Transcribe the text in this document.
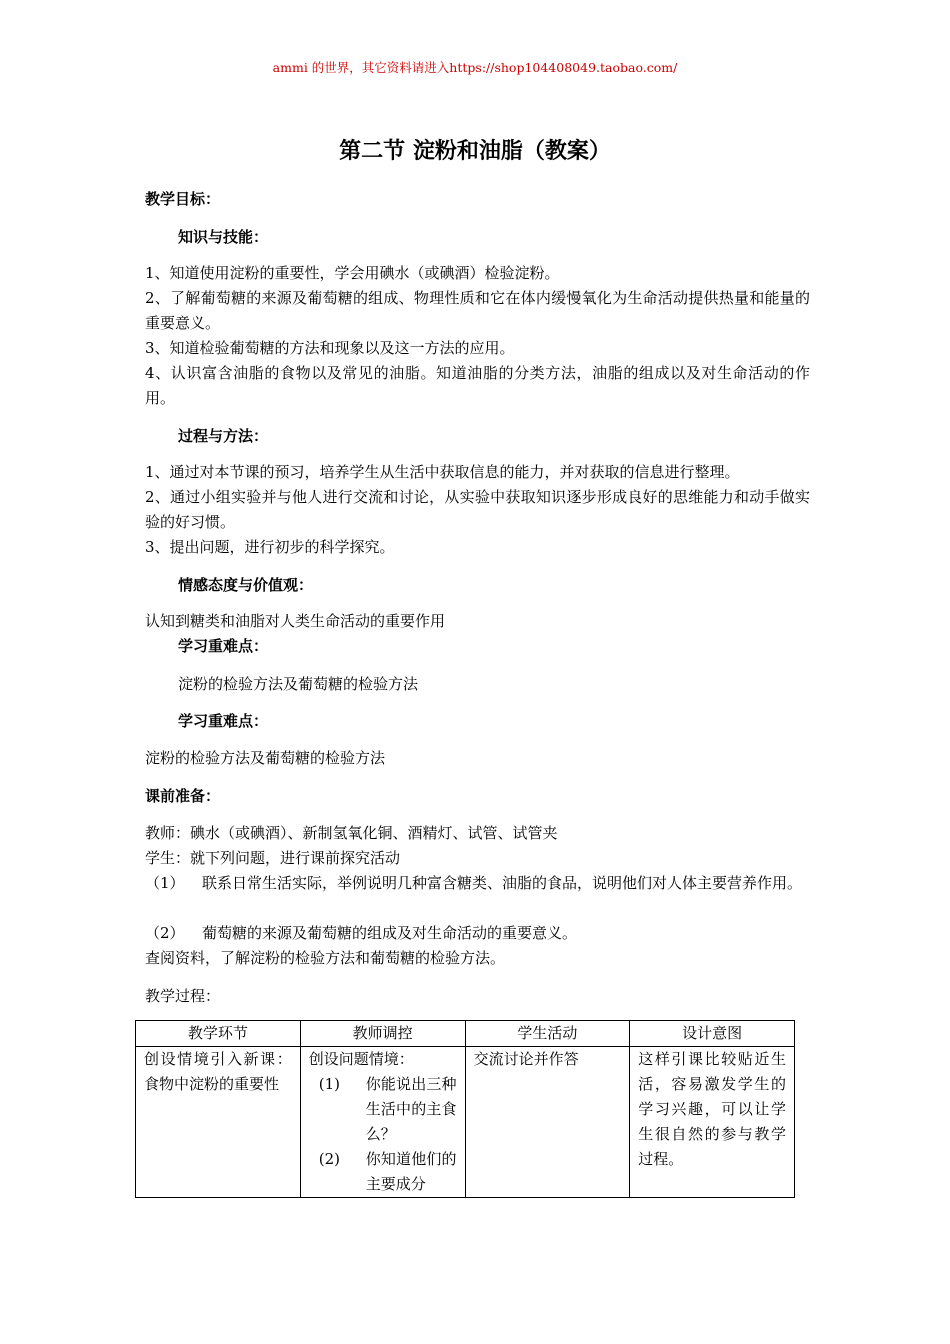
ammi 的世界，其它资料请进入https://shop104408049.taobao.com/
第二节 淀粉和油脂（教案）
教学目标：
知识与技能：
1、知道使用淀粉的重要性，学会用碘水（或碘酒）检验淀粉。
2、了解葡萄糖的来源及葡萄糖的组成、物理性质和它在体内缓慢氧化为生命活动提供热量和能量的重要意义。
3、知道检验葡萄糖的方法和现象以及这一方法的应用。
4、认识富含油脂的食物以及常见的油脂。知道油脂的分类方法，油脂的组成以及对生命活动的作用。
过程与方法：
1、通过对本节课的预习，培养学生从生活中获取信息的能力，并对获取的信息进行整理。
2、通过小组实验并与他人进行交流和讨论，从实验中获取知识逐步形成良好的思维能力和动手做实验的好习惯。
3、提出问题，进行初步的科学探究。
情感态度与价值观：
认知到糖类和油脂对人类生命活动的重要作用
学习重难点：
淀粉的检验方法及葡萄糖的检验方法
学习重难点：
淀粉的检验方法及葡萄糖的检验方法
课前准备：
教师：碘水（或碘酒）、新制氢氧化铜、酒精灯、试管、试管夹
学生：就下列问题，进行课前探究活动
（1） 联系日常生活实际，举例说明几种富含糖类、油脂的食品，说明他们对人体主要营养作用。
（2） 葡萄糖的来源及葡萄糖的组成及对生命活动的重要意义。
查阅资料，了解淀粉的检验方法和葡萄糖的检验方法。
教学过程：
教学环节	教师调控	学生活动	设计意图
创设情境引入新课：食物中淀粉的重要性	创设问题情境：
(1) 你能说出三种生活中的主食么？
(2) 你知道他们的主要成分	交流讨论并作答	这样引课比较贴近生活，容易激发学生的学习兴趣，可以让学生很自然的参与教学过程。
